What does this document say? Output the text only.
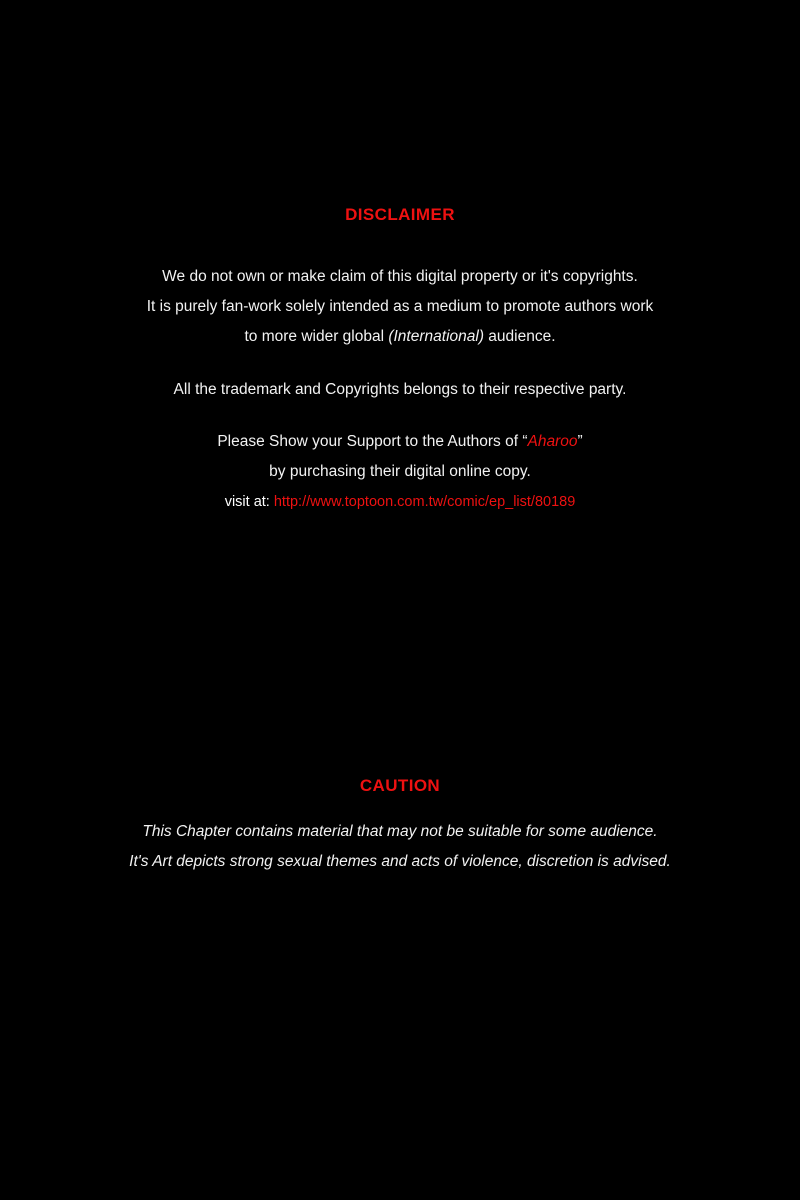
DISCLAIMER
We do not own or make claim of this digital property or it's copyrights.
It is purely fan-work solely intended as a medium to promote authors work
to more wider global (International) audience.
All the trademark and Copyrights belongs to their respective party.
Please Show your Support to the Authors of “Aharoo”
by purchasing their digital online copy.
visit at: http://www.toptoon.com.tw/comic/ep_list/80189
CAUTION
This Chapter contains material that may not be suitable for some audience.
It's Art depicts strong sexual themes and acts of violence, discretion is advised.
